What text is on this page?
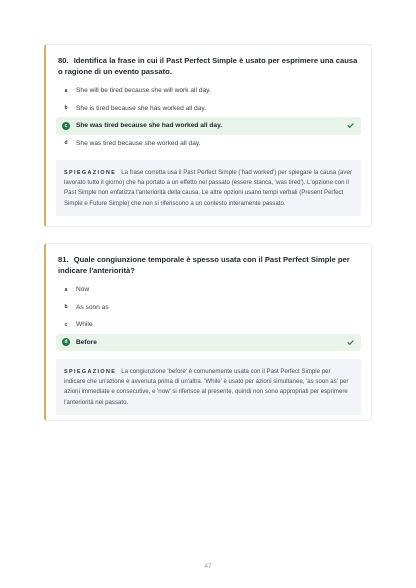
80. Identifica la frase in cui il Past Perfect Simple è usato per esprimere una causa o ragione di un evento passato.
a	She will be tired because she will work all day.
b	She is tired because she has worked all day.
c	She was tired because she had worked all day.
d	She was tired because she worked all day.
SPIEGAZIONE La frase corretta usa il Past Perfect Simple ('had worked') per spiegare la causa (aver lavorato tutto il giorno) che ha portato a un effetto nel passato (essere stanca, 'was tired'). L'opzione con il Past Simple non enfatizza l'anteriorità della causa. Le altre opzioni usano tempi verbali (Present Perfect Simple e Future Simple) che non si riferiscono a un contesto interamente passato.
81. Quale congiunzione temporale è spesso usata con il Past Perfect Simple per indicare l'anteriorità?
a	Now
b	As soon as
c	While
d	Before
SPIEGAZIONE La congiunzione 'before' è comunemente usata con il Past Perfect Simple per indicare che un'azione è avvenuta prima di un'altra. 'While' è usato per azioni simultanee, 'as soon as' per azioni immediate e consecutive, e 'now' si riferisce al presente, quindi non sono appropriati per esprimere l'anteriorità nel passato.
47
